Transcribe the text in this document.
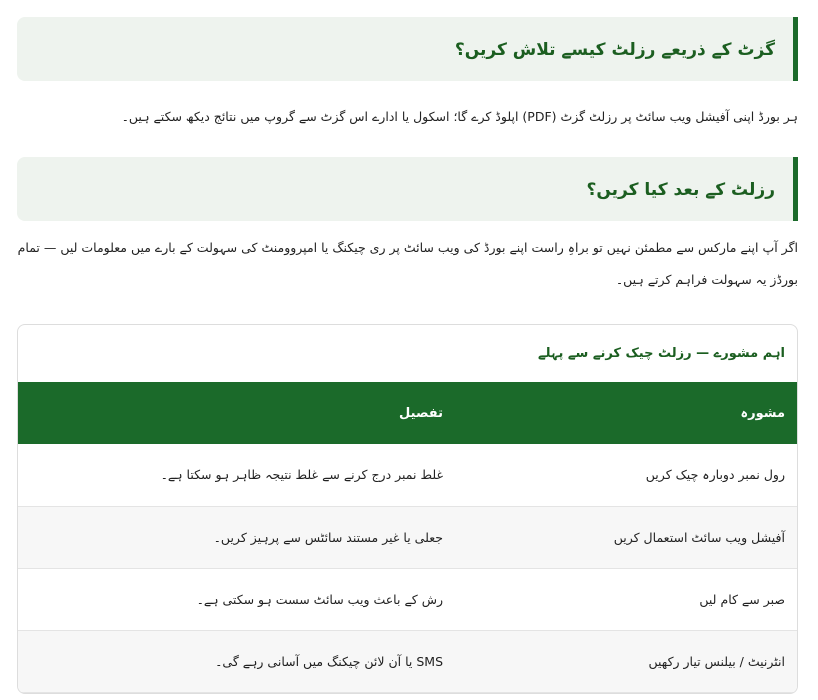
گزٹ کے ذریعے رزلٹ کیسے تلاش کریں؟

ہر بورڈ اپنی آفیشل ویب سائٹ پر رزلٹ گزٹ (PDF) اپلوڈ کرے گا؛ اسکول یا ادارے اس گزٹ سے گروپ میں نتائج دیکھ سکتے ہیں۔

رزلٹ کے بعد کیا کریں؟

اگر آپ اپنے مارکس سے مطمئن نہیں تو براہِ راست اپنے بورڈ کی ویب سائٹ پر ری چیکنگ یا امپروومنٹ کی سہولت کے بارے میں معلومات لیں — تمام بورڈز یہ سہولت فراہم کرتے ہیں۔

اہم مشورے — رزلٹ چیک کرنے سے پہلے
مشورہ	تفصیل
رول نمبر دوبارہ چیک کریں	غلط نمبر درج کرنے سے غلط نتیجہ ظاہر ہو سکتا ہے۔
آفیشل ویب سائٹ استعمال کریں	جعلی یا غیر مستند سائٹس سے پرہیز کریں۔
صبر سے کام لیں	رش کے باعث ویب سائٹ سست ہو سکتی ہے۔
انٹرنیٹ / بیلنس تیار رکھیں	SMS یا آن لائن چیکنگ میں آسانی رہے گی۔
